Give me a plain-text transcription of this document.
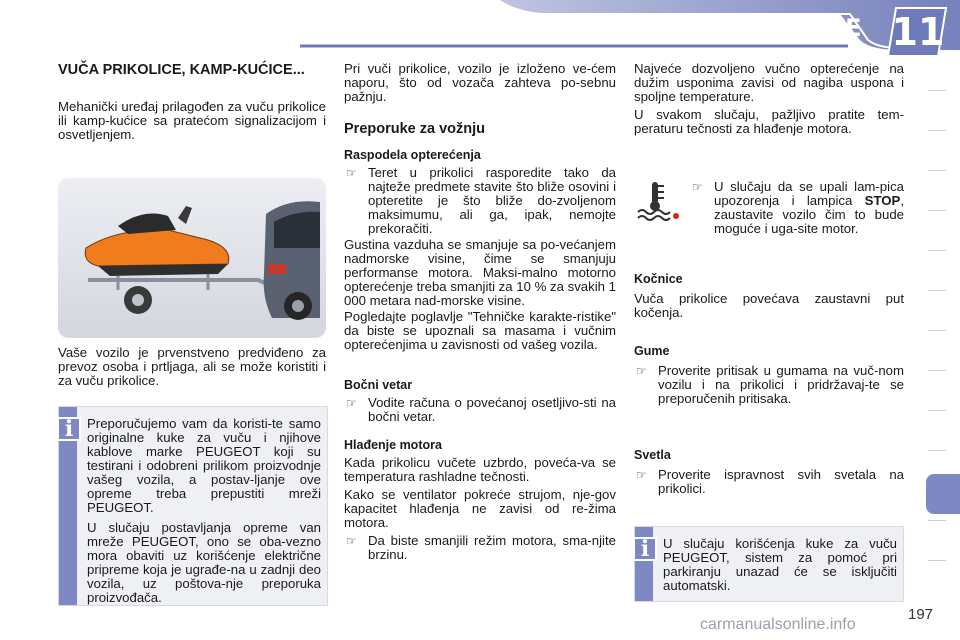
PRAKTIČNE INFORMACIJE 11
VUČA PRIKOLICE, KAMP-KUĆICE...

Mehanički uređaj prilagođen za vuču prikolice ili kamp-kućice sa pratećom signalizacijom i osvetljenjem.

Vaše vozilo je prvenstveno predviđeno za prevoz osoba i prtljaga, ali se može koristiti i za vuču prikolice.

i	Preporučujemo vam da koristi-te samo originalne kuke za vuču i njihove kablove marke PEUGEOT koji su testirani i odobreni prilikom proizvodnje vašeg vozila, a postav-ljanje ove opreme treba prepustiti mreži PEUGEOT.

U slučaju postavljanja opreme van mreže PEUGEOT, ono se oba-vezno mora obaviti uz korišćenje električne pripreme koja je ugrađe-na u zadnji deo vozila, uz poštova-nje preporuka proizvođača.

Pri vuči prikolice, vozilo je izloženo ve-ćem naporu, što od vozača zahteva po-sebnu pažnju.

Preporuke za vožnju
Raspodela opterećenja
☞ Teret u prikolici rasporedite tako da najteže predmete stavite što bliže osovini i opteretite je što bliže do-zvoljenom maksimumu, ali ga, ipak, nemojte prekoračiti.

Gustina vazduha se smanjuje sa po-većanjem nadmorske visine, čime se smanjuju performanse motora. Maksi-malno motorno opterećenje treba smanjiti za 10 % za svakih 1 000 metara nad-morske visine.

Pogledajte poglavlje "Tehničke karakte-ristike" da biste se upoznali sa masama i vučnim opterećenjima u zavisnosti od vašeg vozila.

Bočni vetar
☞ Vodite računa o povećanoj osetljivo-sti na bočni vetar.
Hlađenje motora

Kada prikolicu vučete uzbrdo, poveća-va se temperatura rashladne tečnosti.

Kako se ventilator pokreće strujom, nje-gov kapacitet hlađenja ne zavisi od re-žima motora.

☞ Da biste smanjili režim motora, sma-njite brzinu.

Najveće dozvoljeno vučno opterećenje na dužim usponima zavisi od nagiba uspona i spoljne temperature.

U svakom slučaju, pažljivo pratite tem-peraturu tečnosti za hlađenje motora.

☞ U slučaju da se upali lam-pica upozorenja i lampica STOP, zaustavite vozilo čim to bude moguće i uga-site motor.
Kočnice

Vuča prikolice povećava zaustavni put kočenja.

Gume
☞ Proverite pritisak u gumama na vuč-nom vozilu i na prikolici i pridržavaj-te se preporučenih pritisaka.
Svetla
☞ Proverite ispravnost svih svetala na prikolici.
i	U slučaju korišćenja kuke za vuču PEUGEOT, sistem za pomoć pri parkiranju unazad će se isključiti automatski.

197
carmanualsonline.info
